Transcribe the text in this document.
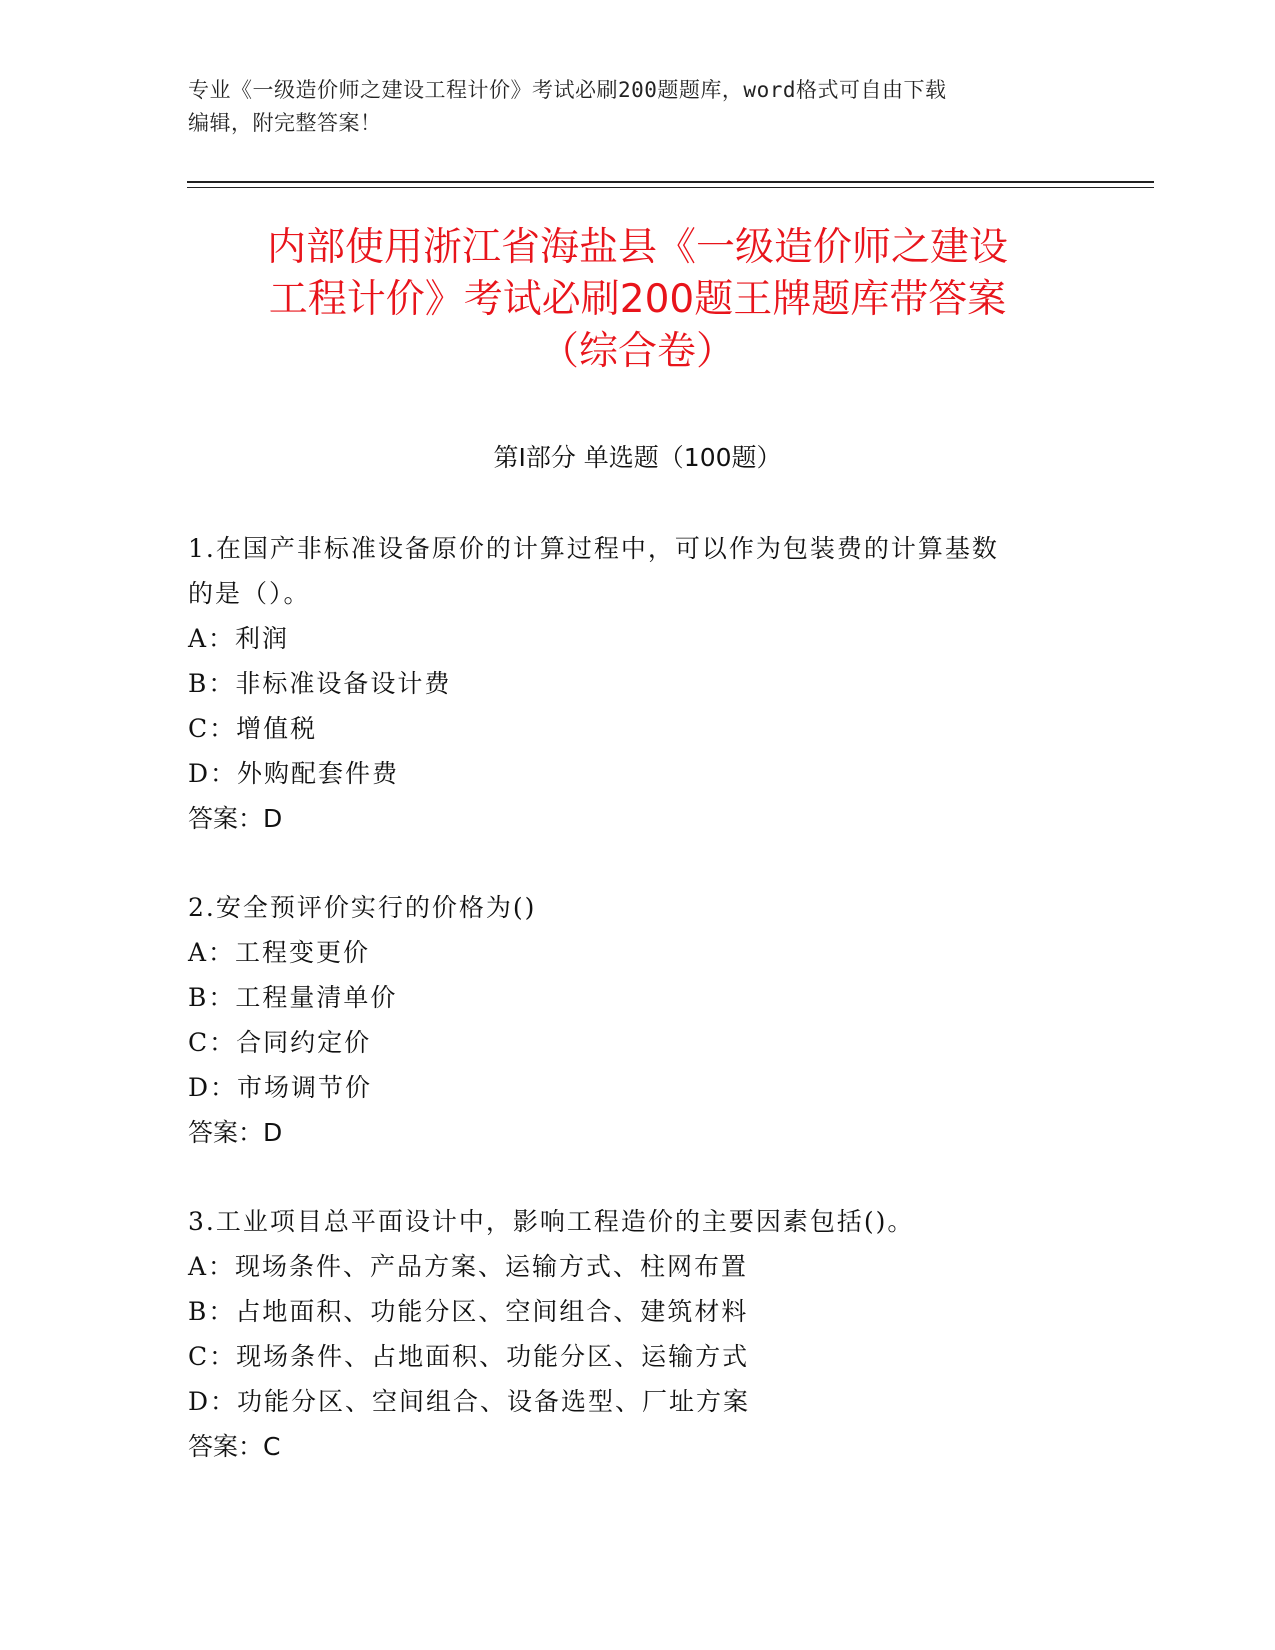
专业《一级造价师之建设工程计价》考试必刷200题题库，word格式可自由下载
编辑，附完整答案！
内部使用浙江省海盐县《一级造价师之建设
工程计价》考试必刷200题王牌题库带答案
（综合卷）
第Ⅰ部分 单选题（100题）
1.在国产非标准设备原价的计算过程中，可以作为包装费的计算基数
的是（）。
A：利润
B：非标准设备设计费
C：增值税
D：外购配套件费
答案：D
2.安全预评价实行的价格为()
A：工程变更价
B：工程量清单价
C：合同约定价
D：市场调节价
答案：D
3.工业项目总平面设计中，影响工程造价的主要因素包括()。
A：现场条件、产品方案、运输方式、柱网布置
B：占地面积、功能分区、空间组合、建筑材料
C：现场条件、占地面积、功能分区、运输方式
D：功能分区、空间组合、设备选型、厂址方案
答案：C
